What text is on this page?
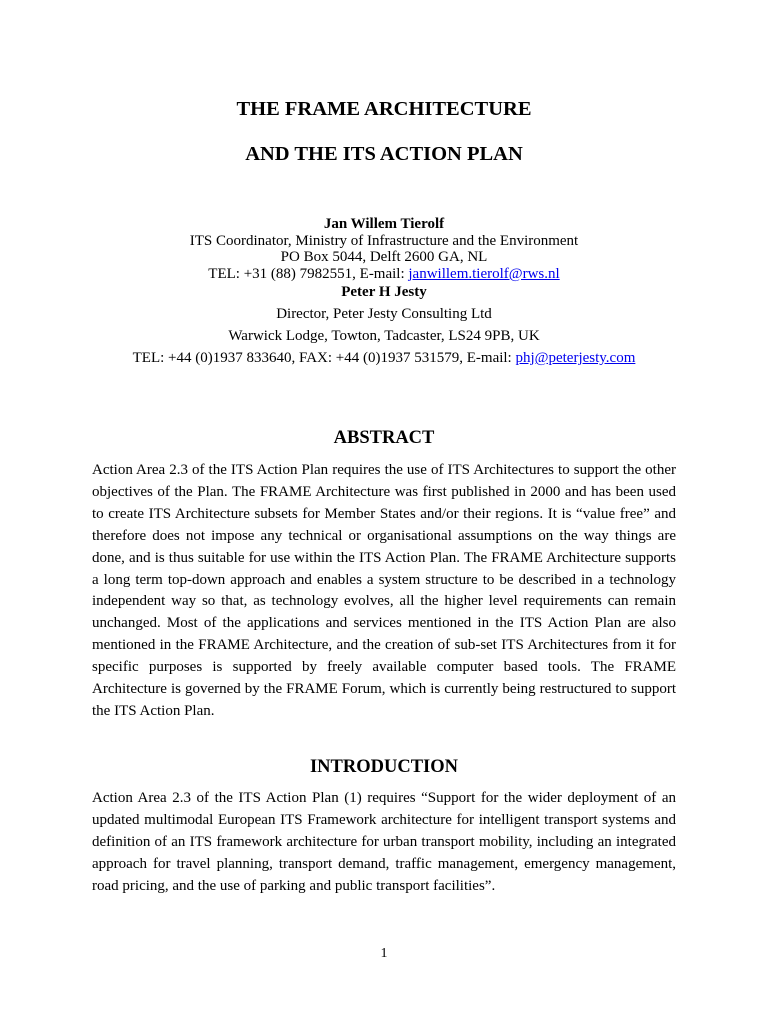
THE FRAME ARCHITECTURE
AND THE ITS ACTION PLAN
Jan Willem Tierolf
ITS Coordinator, Ministry of Infrastructure and the Environment
PO Box 5044, Delft 2600 GA, NL
TEL: +31 (88) 7982551, E-mail: janwillem.tierolf@rws.nl
Peter H Jesty
Director, Peter Jesty Consulting Ltd
Warwick Lodge, Towton, Tadcaster, LS24 9PB, UK
TEL: +44 (0)1937 833640, FAX: +44 (0)1937 531579, E-mail: phj@peterjesty.com
ABSTRACT

Action Area 2.3 of the ITS Action Plan requires the use of ITS Architectures to support the other objectives of the Plan. The FRAME Architecture was first published in 2000 and has been used to create ITS Architecture subsets for Member States and/or their regions. It is “value free” and therefore does not impose any technical or organisational assumptions on the way things are done, and is thus suitable for use within the ITS Action Plan. The FRAME Architecture supports a long term top-down approach and enables a system structure to be described in a technology independent way so that, as technology evolves, all the higher level requirements can remain unchanged. Most of the applications and services mentioned in the ITS Action Plan are also mentioned in the FRAME Architecture, and the creation of sub-set ITS Architectures from it for specific purposes is supported by freely available computer based tools. The FRAME Architecture is governed by the FRAME Forum, which is currently being restructured to support the ITS Action Plan.

INTRODUCTION

Action Area 2.3 of the ITS Action Plan (1) requires “Support for the wider deployment of an updated multimodal European ITS Framework architecture for intelligent transport systems and definition of an ITS framework architecture for urban transport mobility, including an integrated approach for travel planning, transport demand, traffic management, emergency management, road pricing, and the use of parking and public transport facilities”.

1
